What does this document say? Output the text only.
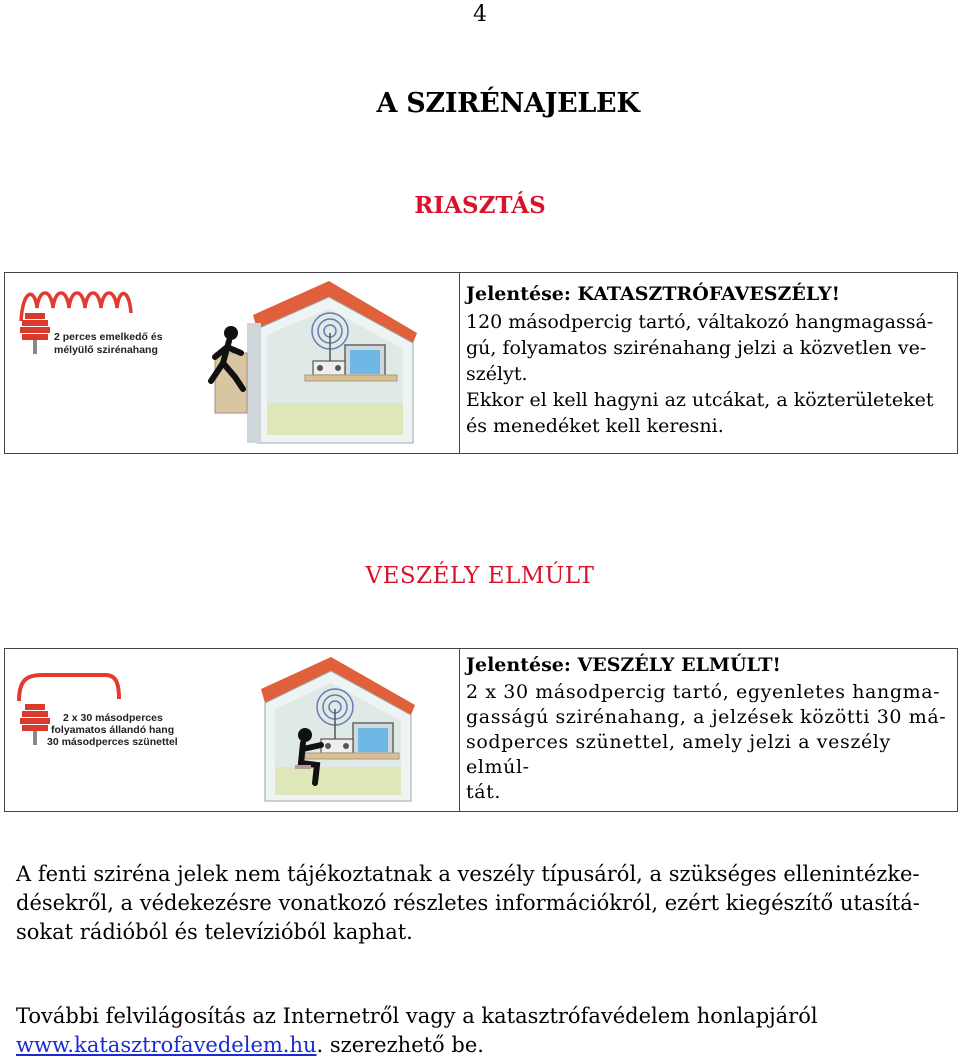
4
A SZIRÉNAJELEK
RIASZTÁS
2 perces emelkedő és
mélyülő szirénahang
Jelentése: KATASZTRÓFAVESZÉLY!

120 másodpercig tartó, váltakozó hangmagassá-
gú, folyamatos szirénahang jelzi a közvetlen ve-
szélyt.

Ekkor el kell hagyni az utcákat, a közterületeket
és menedéket kell keresni.

VESZÉLY ELMÚLT
2 x 30 másodperces
folyamatos állandó hang
30 másodperces szünettel
Jelentése: VESZÉLY ELMÚLT!

2 x 30 másodpercig tartó, egyenletes hangma-
gasságú szirénahang, a jelzések közötti 30 má-
sodperces szünettel, amely jelzi a veszély elmúl-
tát.

A fenti sziréna jelek nem tájékoztatnak a veszély típusáról, a szükséges ellenintézke-
désekről, a védekezésre vonatkozó részletes információkról, ezért kiegészítő utasítá-
sokat rádióból és televízióból kaphat.
További felvilágosítás az Internetről vagy a katasztrófavédelem honlapjáról
www.katasztrofavedelem.hu. szerezhető be.
